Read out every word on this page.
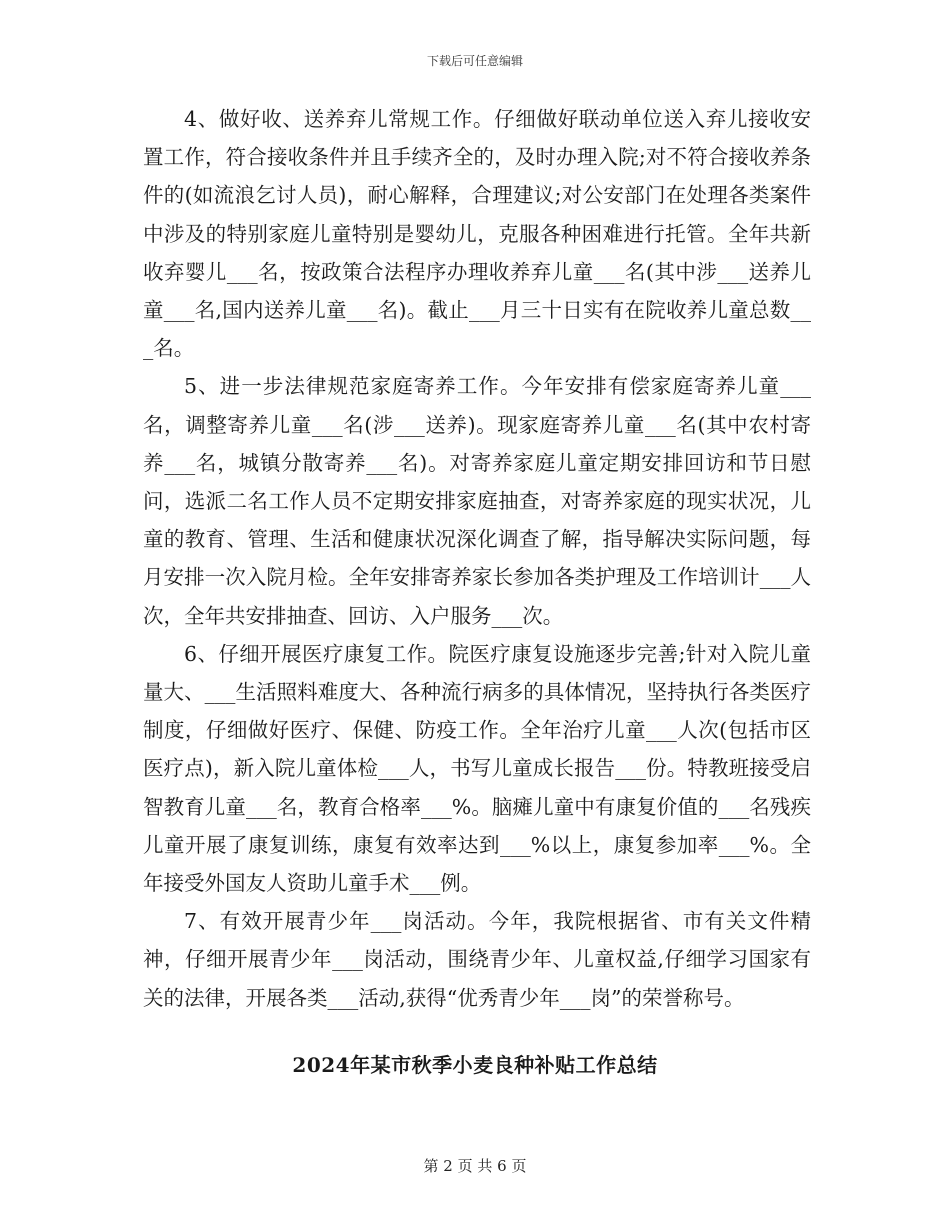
下载后可任意编辑

4、做好收、送养弃儿常规工作。仔细做好联动单位送入弃儿接收安置工作，符合接收条件并且手续齐全的，及时办理入院;对不符合接收养条件的(如流浪乞讨人员)，耐心解释，合理建议;对公安部门在处理各类案件中涉及的特别家庭儿童特别是婴幼儿，克服各种困难进行托管。全年共新收弃婴儿___名，按政策合法程序办理收养弃儿童___名(其中涉___送养儿童___名,国内送养儿童___名)。截止___月三十日实有在院收养儿童总数___名。

5、进一步法律规范家庭寄养工作。今年安排有偿家庭寄养儿童___名，调整寄养儿童___名(涉___送养)。现家庭寄养儿童___名(其中农村寄养___名，城镇分散寄养___名)。对寄养家庭儿童定期安排回访和节日慰问，选派二名工作人员不定期安排家庭抽查，对寄养家庭的现实状况，儿童的教育、管理、生活和健康状况深化调查了解，指导解决实际问题，每月安排一次入院月检。全年安排寄养家长参加各类护理及工作培训计___人次，全年共安排抽查、回访、入户服务___次。

6、仔细开展医疗康复工作。院医疗康复设施逐步完善;针对入院儿童量大、___生活照料难度大、各种流行病多的具体情况，坚持执行各类医疗制度，仔细做好医疗、保健、防疫工作。全年治疗儿童___人次(包括市区医疗点)，新入院儿童体检___人，书写儿童成长报告___份。特教班接受启智教育儿童___名，教育合格率___%。脑瘫儿童中有康复价值的___名残疾儿童开展了康复训练，康复有效率达到___%以上，康复参加率___%。全年接受外国友人资助儿童手术___例。

7、有效开展青少年___岗活动。今年，我院根据省、市有关文件精神，仔细开展青少年___岗活动，围绕青少年、儿童权益,仔细学习国家有关的法律，开展各类___活动,获得“优秀青少年___岗”的荣誉称号。

2024年某市秋季小麦良种补贴工作总结
第 2 页 共 6 页
